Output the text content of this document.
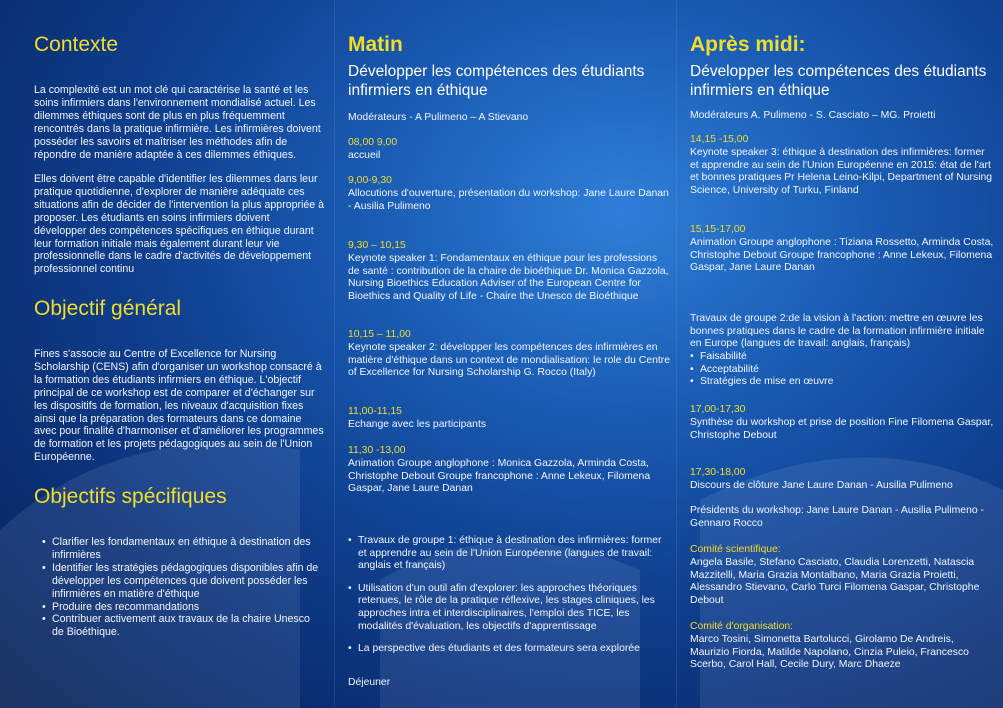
Contexte

La complexité est un mot clé qui caractérise la santé et les soins infirmiers dans l'environnement mondialisé actuel. Les dilemmes éthiques sont de plus en plus fréquemment rencontrés dans la pratique infirmière. Les infirmières doivent posséder les savoirs et maîtriser les méthodes afin de répondre de manière adaptée à ces dilemmes éthiques.

Elles doivent être capable d'identifier les dilemmes dans leur pratique quotidienne, d'explorer de manière adéquate ces situations afin de décider de l'intervention la plus appropriée à proposer. Les étudiants en soins infirmiers doivent développer des compétences spécifiques en éthique durant leur formation initiale mais également durant leur vie professionnelle dans le cadre d'activités de développement professionnel continu

Objectif général

Fines s'associe au Centre of Excellence for Nursing Scholarship (CENS) afin d'organiser un workshop consacré à la formation des étudiants infirmiers en éthique. L'objectif principal de ce workshop est de comparer et d'échanger sur les dispositifs de formation, les niveaux d'acquisition fixes ainsi que la préparation des formateurs dans ce domaine avec pour finalité d'harmoniser et d'améliorer les programmes de formation et les projets pédagogiques au sein de l'Union Européenne.

Objectifs spécifiques
• Clarifier les fondamentaux en éthique à destination des infirmières
• Identifier les stratégies pédagogiques disponibles afin de développer les compétences que doivent posséder les infirmières en matière d'éthique
• Produire des recommandations
• Contribuer activement aux travaux de la chaire Unesco de Bioéthique.
Matin

Développer les compétences des étudiants infirmiers en éthique

Modérateurs - A Pulimeno – A Stievano
08,00 9,00
accueil
9,00-9,30
Allocutions d'ouverture, présentation du workshop: Jane Laure Danan - Ausilia Pulimeno
9,30 – 10,15
Keynote speaker 1: Fondamentaux en éthique pour les professions de santé : contribution de la chaire de bioéthique Dr. Monica Gazzola, Nursing Bioethics Education Adviser of the European Centre for Bioethics and Quality of Life - Chaire the Unesco de Bioéthique
10,15 – 11,00
Keynote speaker 2: développer les compétences des infirmières en matière d'éthique dans un context de mondialisation: le role du Centre of Excellence for Nursing Scholarship G. Rocco (Italy)
11,00-11,15
Echange avec les participants
11,30 -13,00
Animation Groupe anglophone : Monica Gazzola, Arminda Costa, Christophe Debout Groupe francophone : Anne Lekeux, Filomena Gaspar, Jane Laure Danan
• Travaux de groupe 1: éthique à destination des infirmières: former et apprendre au sein de l'Union Européenne (langues de travail: anglais et français)
• Utilisation d'un outil afin d'explorer: les approches théoriques retenues, le rôle de la pratique réflexive, les stages cliniques, les approches intra et interdisciplinaires, l'emploi des TICE, les modalités d'évaluation, les objectifs d'apprentissage
• La perspective des étudiants et des formateurs sera explorée
Déjeuner
Après midi:

Développer les compétences des étudiants infirmiers en éthique

Modérateurs A. Pulimeno - S. Casciato – MG. Proietti
14,15 -15,00
Keynote speaker 3: éthique à destination des infirmières: former et apprendre au sein de l'Union Européenne en 2015: état de l'art et bonnes pratiques Pr Helena Leino-Kilpi, Department of Nursing Science, University of Turku, Finland
15,15-17,00
Animation Groupe anglophone : Tiziana Rossetto, Arminda Costa, Christophe Debout Groupe francophone : Anne Lekeux, Filomena Gaspar, Jane Laure Danan
Travaux de groupe 2:de la vision à l'action: mettre en œuvre les bonnes pratiques dans le cadre de la formation infirmière initiale en Europe (langues de travail: anglais, français)
• Faisabilité
• Acceptabilité
• Stratégies de mise en œuvre
17,00-17,30
Synthèse du workshop et prise de position Fine Filomena Gaspar, Christophe Debout
17,30-18,00
Discours de clôture Jane Laure Danan - Ausilia Pulimeno
Présidents du workshop: Jane Laure Danan - Ausilia Pulimeno - Gennaro Rocco
Comité scientifique:
Angela Basile, Stefano Casciato, Claudia Lorenzetti, Natascia Mazzitelli, Maria Grazia Montalbano, Maria Grazia Proietti, Alessandro Stievano, Carlo Turci Filomena Gaspar, Christophe Debout
Comité d'organisation:
Marco Tosini, Simonetta Bartolucci, Girolamo De Andreis, Maurizio Fiorda, Matilde Napolano, Cinzia Puleio, Francesco Scerbo, Carol Hall, Cecile Dury, Marc Dhaeze
